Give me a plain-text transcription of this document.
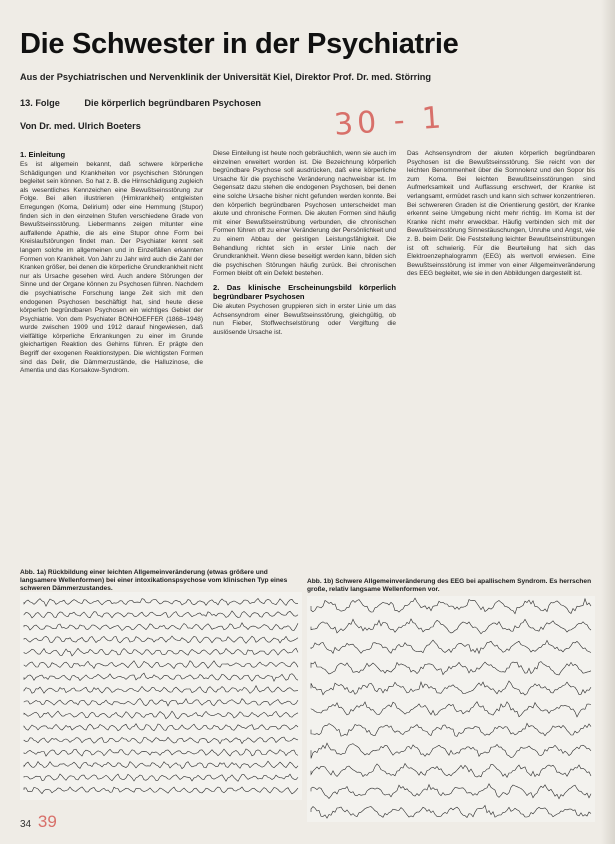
Die Schwester in der Psychiatrie

Aus der Psychiatrischen und Nervenklinik der Universität Kiel, Direktor Prof. Dr. med. Störring

13. Folge	Die körperlich begründbaren Psychosen
Von Dr. med. Ulrich Boeters	30 - 1
1. Einleitung

Es ist allgemein bekannt, daß schwere körperliche Schädigungen und Krankheiten vor psychischen Störungen begleitet sein können. So hat z. B. die Hirnschädigung zugleich als wesentliches Kennzeichen eine Bewußtseinsstörung zur Folge. Bei allen illustrieren (Hirnkrankheit) entgleisten Erregungen (Koma, Delirium) oder eine Hemmung (Stupor) finden sich in den einzelnen Stufen verschiedene Grade von Bewußtseinsstörung. Liebermanns zeigen mitunter eine auffallende Apathie, die als eine Stupor ohne Form bei Kreislaufstörungen findet man. Der Psychiater kennt seit langem solche im allgemeinen und in Einzelfällen erkannten Formen von Krankheit. Von Jahr zu Jahr wird auch die Zahl der Kranken größer, bei denen die körperliche Grundkrankheit nicht nur als Ursache gesehen wird. Auch andere Störungen der Sinne und der Organe können zu Psychosen führen. Nachdem die psychiatrische Forschung lange Zeit sich mit den endogenen Psychosen beschäftigt hat, sind heute diese körperlich begründbaren Psychosen ein wichtiges Gebiet der Psychiatrie. Von dem Psychiater BONHOEFFER (1868–1948) wurde zwischen 1909 und 1912 darauf hingewiesen, daß vielfältige körperliche Erkrankungen zu einer im Grunde gleichartigen Reaktion des Gehirns führen. Er prägte den Begriff der exogenen Reaktionstypen. Die wichtigsten Formen sind das Delir, die Dämmerzustände, die Halluzinose, die Amentia und das Korsakow-Syndrom.

Diese Einteilung ist heute noch gebräuchlich, wenn sie auch im einzelnen erweitert worden ist. Die Bezeichnung körperlich begründbare Psychose soll ausdrücken, daß eine körperliche Ursache für die psychische Veränderung nachweisbar ist. Im Gegensatz dazu stehen die endogenen Psychosen, bei denen eine solche Ursache bisher nicht gefunden werden konnte. Bei den körperlich begründbaren Psychosen unterscheidet man akute und chronische Formen. Die akuten Formen sind häufig mit einer Bewußtseinstrübung verbunden, die chronischen Formen führen oft zu einer Veränderung der Persönlichkeit und zu einem Abbau der geistigen Leistungsfähigkeit. Die Behandlung richtet sich in erster Linie nach der Grundkrankheit. Wenn diese beseitigt werden kann, bilden sich die psychischen Störungen häufig zurück. Bei chronischen Formen bleibt oft ein Defekt bestehen.

2. Das klinische Erscheinungsbild körperlich begründbarer Psychosen

Die akuten Psychosen gruppieren sich in erster Linie um das Achsensyndrom einer Bewußtseinsstörung, gleichgültig, ob nun Fieber, Stoffwechselstörung oder Vergiftung die auslösende Ursache ist.

Das Achsensyndrom der akuten körperlich begründbaren Psychosen ist die Bewußtseinsstörung. Sie reicht von der leichten Benommenheit über die Somnolenz und den Sopor bis zum Koma. Bei leichten Bewußtseinsstörungen sind Aufmerksamkeit und Auffassung erschwert, der Kranke ist verlangsamt, ermüdet rasch und kann sich schwer konzentrieren. Bei schwereren Graden ist die Orientierung gestört, der Kranke erkennt seine Umgebung nicht mehr richtig. Im Koma ist der Kranke nicht mehr erweckbar. Häufig verbinden sich mit der Bewußtseinsstörung Sinnestäuschungen, Unruhe und Angst, wie z. B. beim Delir. Die Feststellung leichter Bewußtseinstrübungen ist oft schwierig. Für die Beurteilung hat sich das Elektroenzephalogramm (EEG) als wertvoll erwiesen. Eine Bewußtseinsstörung ist immer von einer Allgemeinveränderung des EEG begleitet, wie sie in den Abbildungen dargestellt ist.

Abb. 1a) Rückbildung einer leichten Allgemeinveränderung (etwas größere und langsamere Wellenformen) bei einer intoxikationspsychose vom klinischen Typ eines schweren Dämmerzustandes.
Abb. 1b) Schwere Allgemeinveränderung des EEG bei apallischem Syndrom. Es herrschen große, relativ langsame Wellenformen vor.
34 39
